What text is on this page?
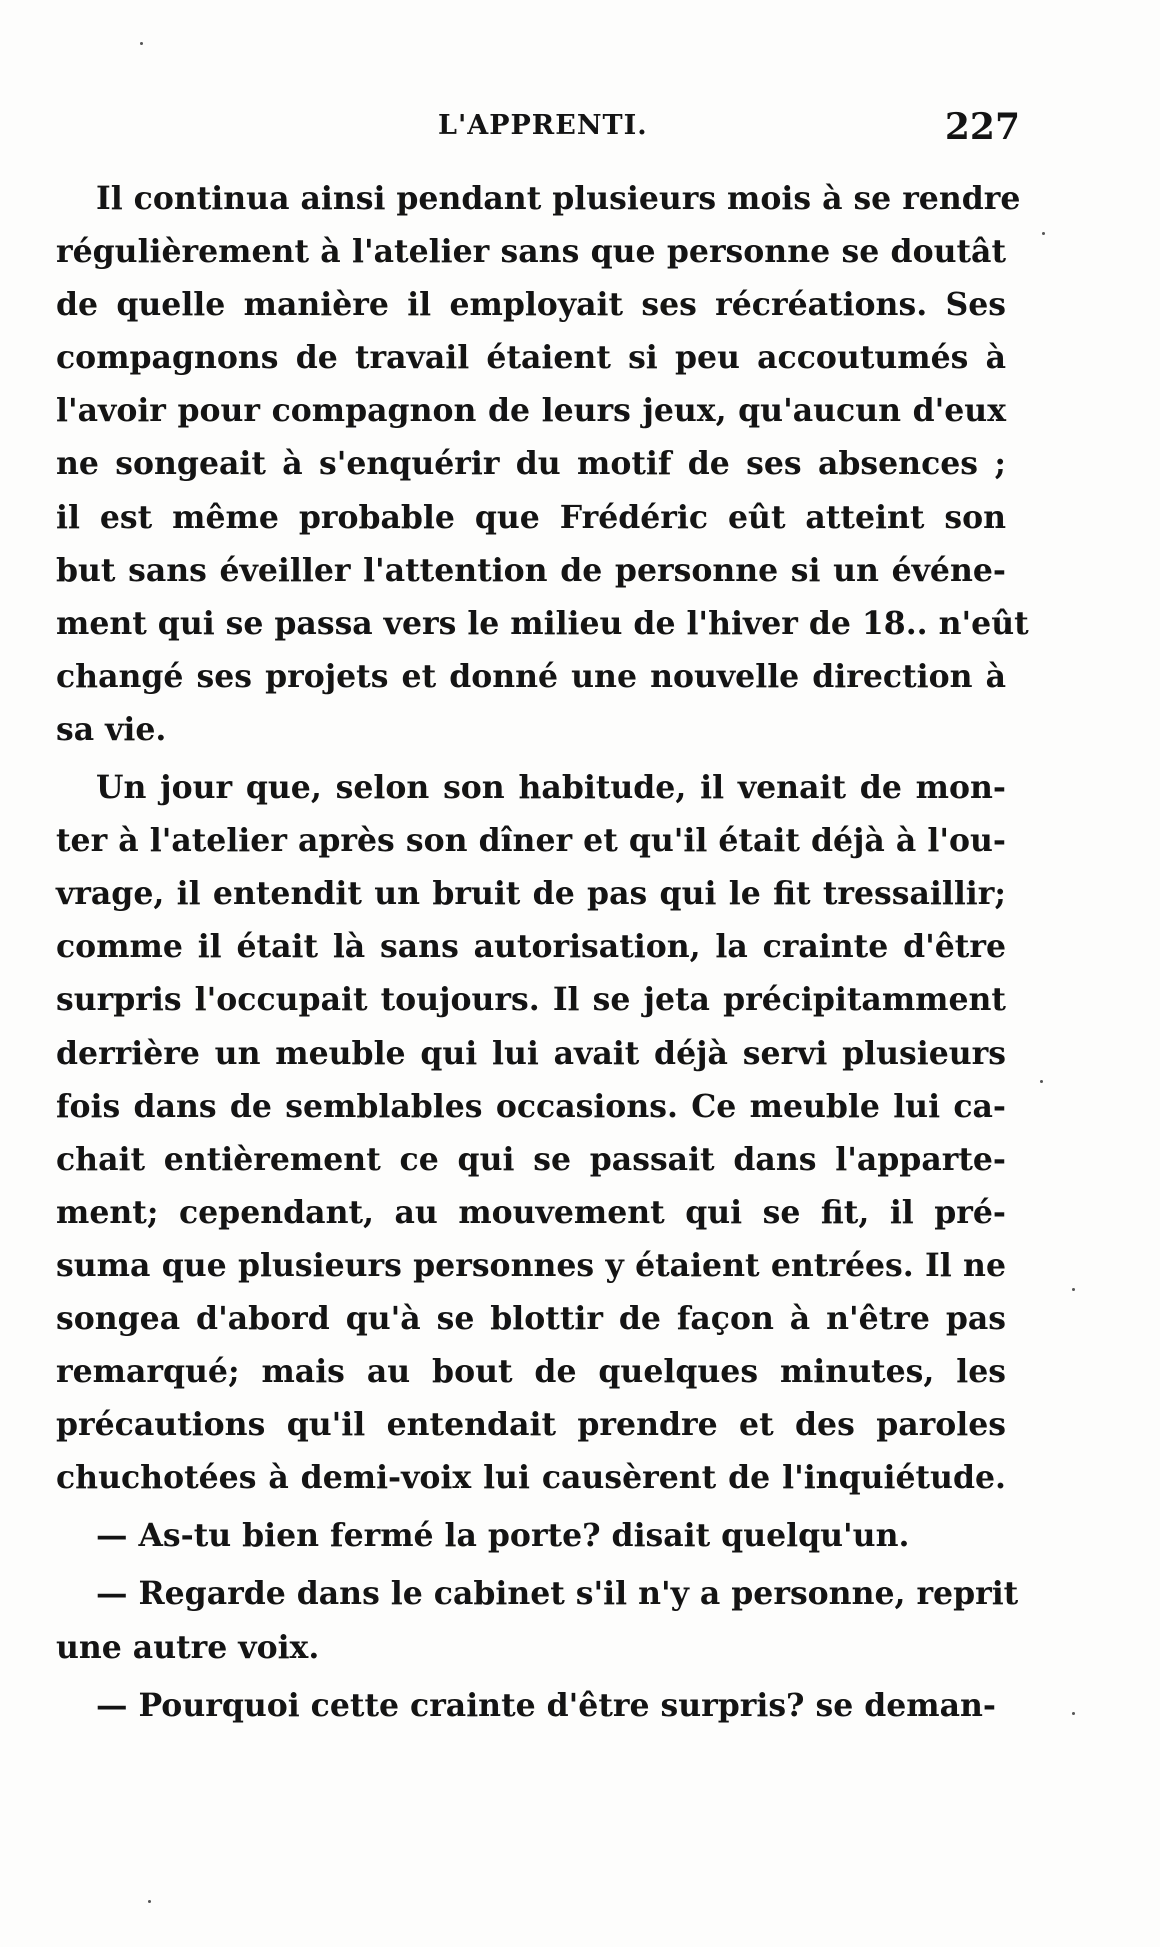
L'APPRENTI.	227
Il continua ainsi pendant plusieurs mois à se rendre
régulièrement à l'atelier sans que personne se doutât
de quelle manière il employait ses récréations. Ses
compagnons de travail étaient si peu accoutumés à
l'avoir pour compagnon de leurs jeux, qu'aucun d'eux
ne songeait à s'enquérir du motif de ses absences ;
il est même probable que Frédéric eût atteint son
but sans éveiller l'attention de personne si un événe-
ment qui se passa vers le milieu de l'hiver de 18.. n'eût
changé ses projets et donné une nouvelle direction à
sa vie.
Un jour que, selon son habitude, il venait de mon-
ter à l'atelier après son dîner et qu'il était déjà à l'ou-
vrage, il entendit un bruit de pas qui le fit tressaillir;
comme il était là sans autorisation, la crainte d'être
surpris l'occupait toujours. Il se jeta précipitamment
derrière un meuble qui lui avait déjà servi plusieurs
fois dans de semblables occasions. Ce meuble lui ca-
chait entièrement ce qui se passait dans l'apparte-
ment; cependant, au mouvement qui se fit, il pré-
suma que plusieurs personnes y étaient entrées. Il ne
songea d'abord qu'à se blottir de façon à n'être pas
remarqué; mais au bout de quelques minutes, les
précautions qu'il entendait prendre et des paroles
chuchotées à demi-voix lui causèrent de l'inquiétude.
— As-tu bien fermé la porte? disait quelqu'un.
— Regarde dans le cabinet s'il n'y a personne, reprit
une autre voix.
— Pourquoi cette crainte d'être surpris? se deman-
